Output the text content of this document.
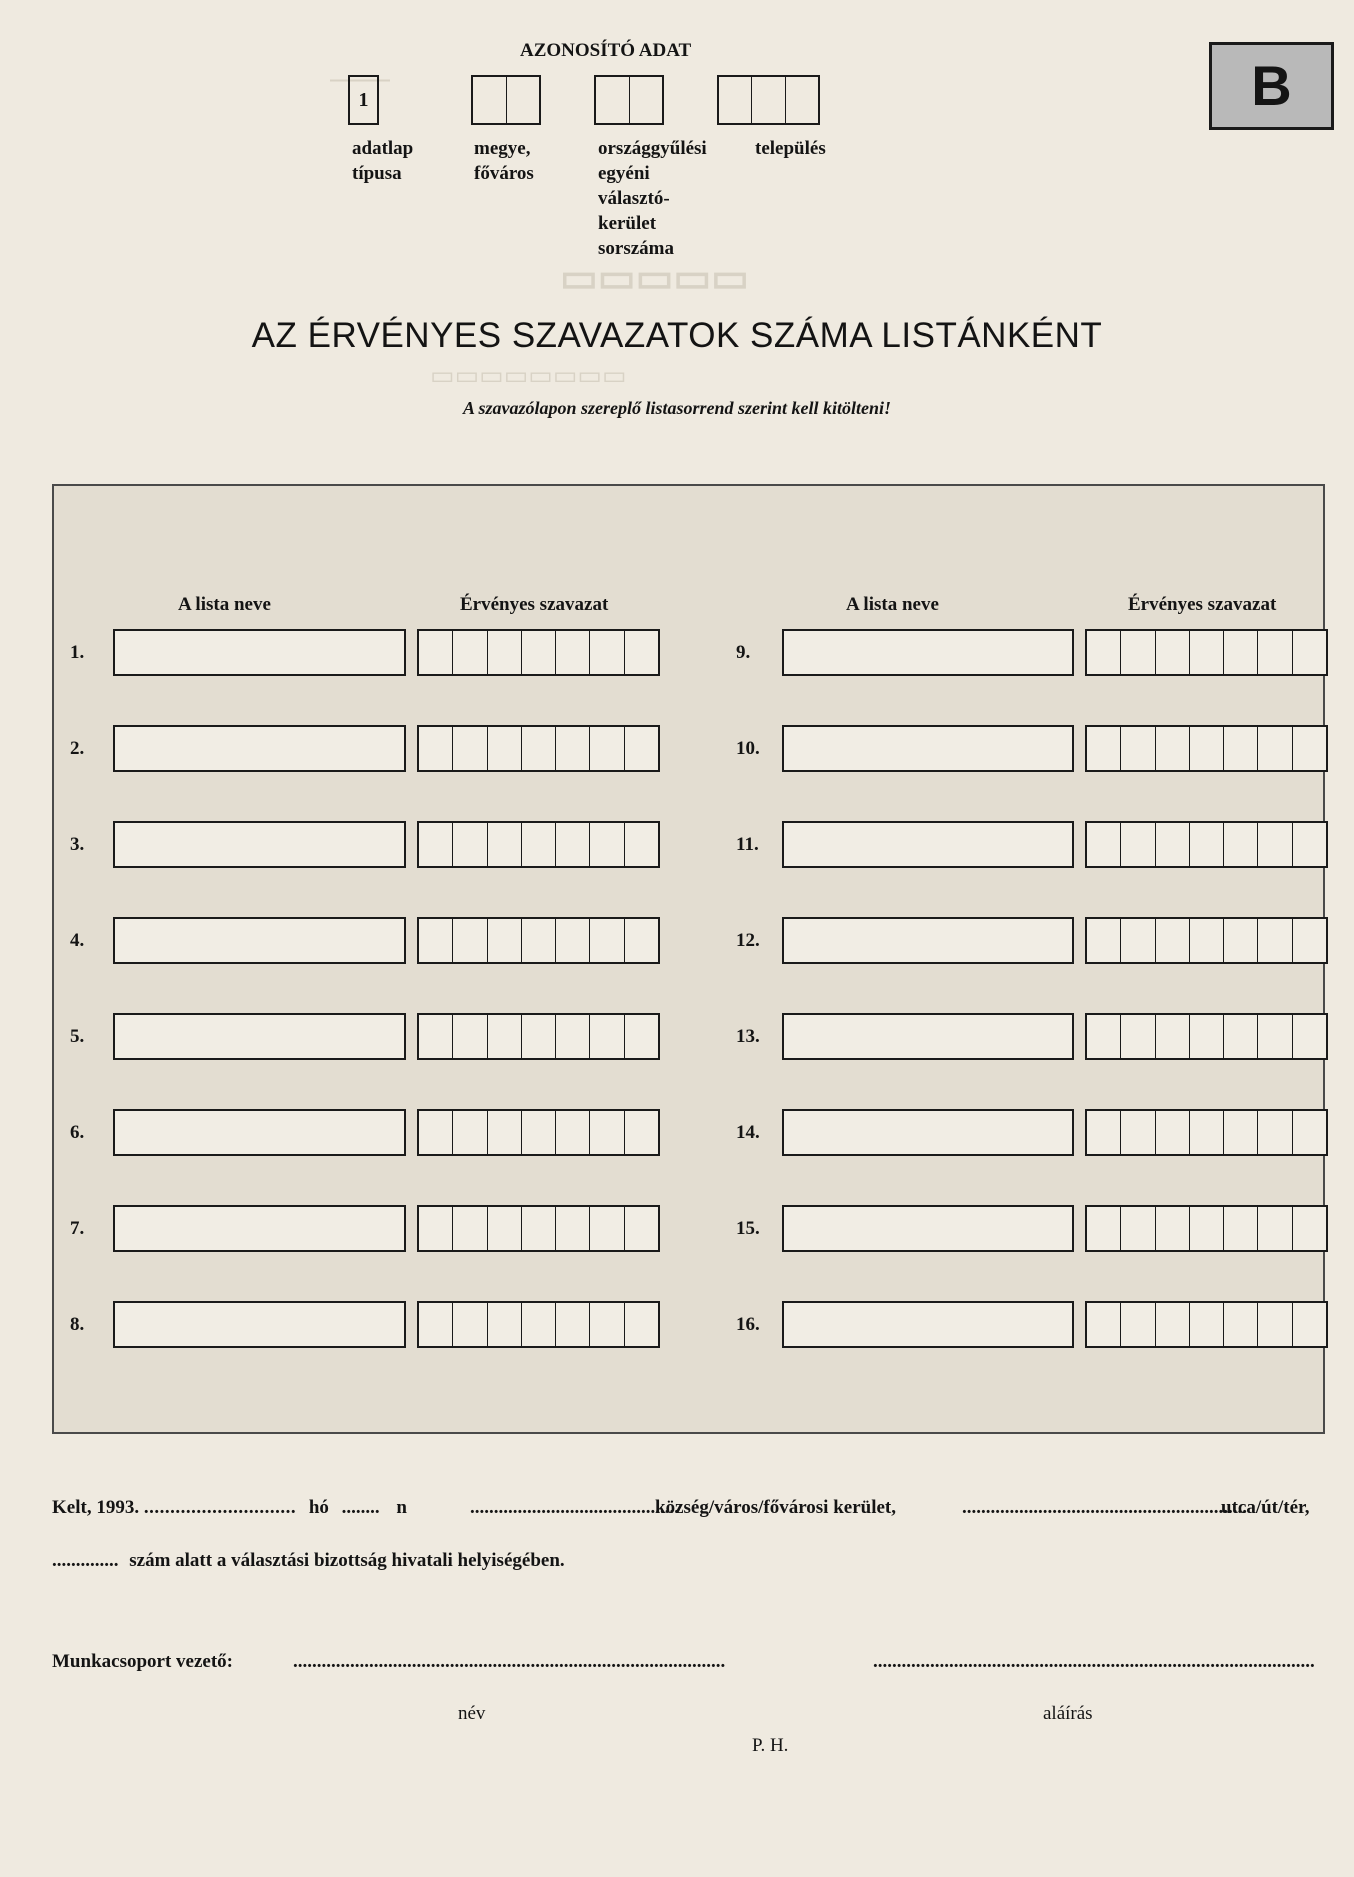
——
▭▭▭▭▭
▭▭▭▭▭▭▭▭
AZONOSÍTÓ ADAT
1
adatlap
típusa
megye,
főváros
országgyűlési
egyéni
választó-
kerület
sorszáma
település
B
AZ ÉRVÉNYES SZAVAZATOK SZÁMA LISTÁNKÉNT
A szavazólapon szereplő listasorrend szerint kell kitölteni!
A lista neve	Érvényes szavazat	A lista neve	Érvényes szavazat
1.
2.
3.
4.
5.
6.
7.
8.
9.
10.
11.
12.
13.
14.
15.
16.
Kelt, 1993. ............................. hó ........ n	............................................
község/város/fővárosi kerület,	............................................................
utca/út/tér,
.............. szám alatt a választási bizottság hivatali helyiségében.
Munkacsoport vezető:	...........................................................................................	.............................................................................................
név	aláírás
P. H.
